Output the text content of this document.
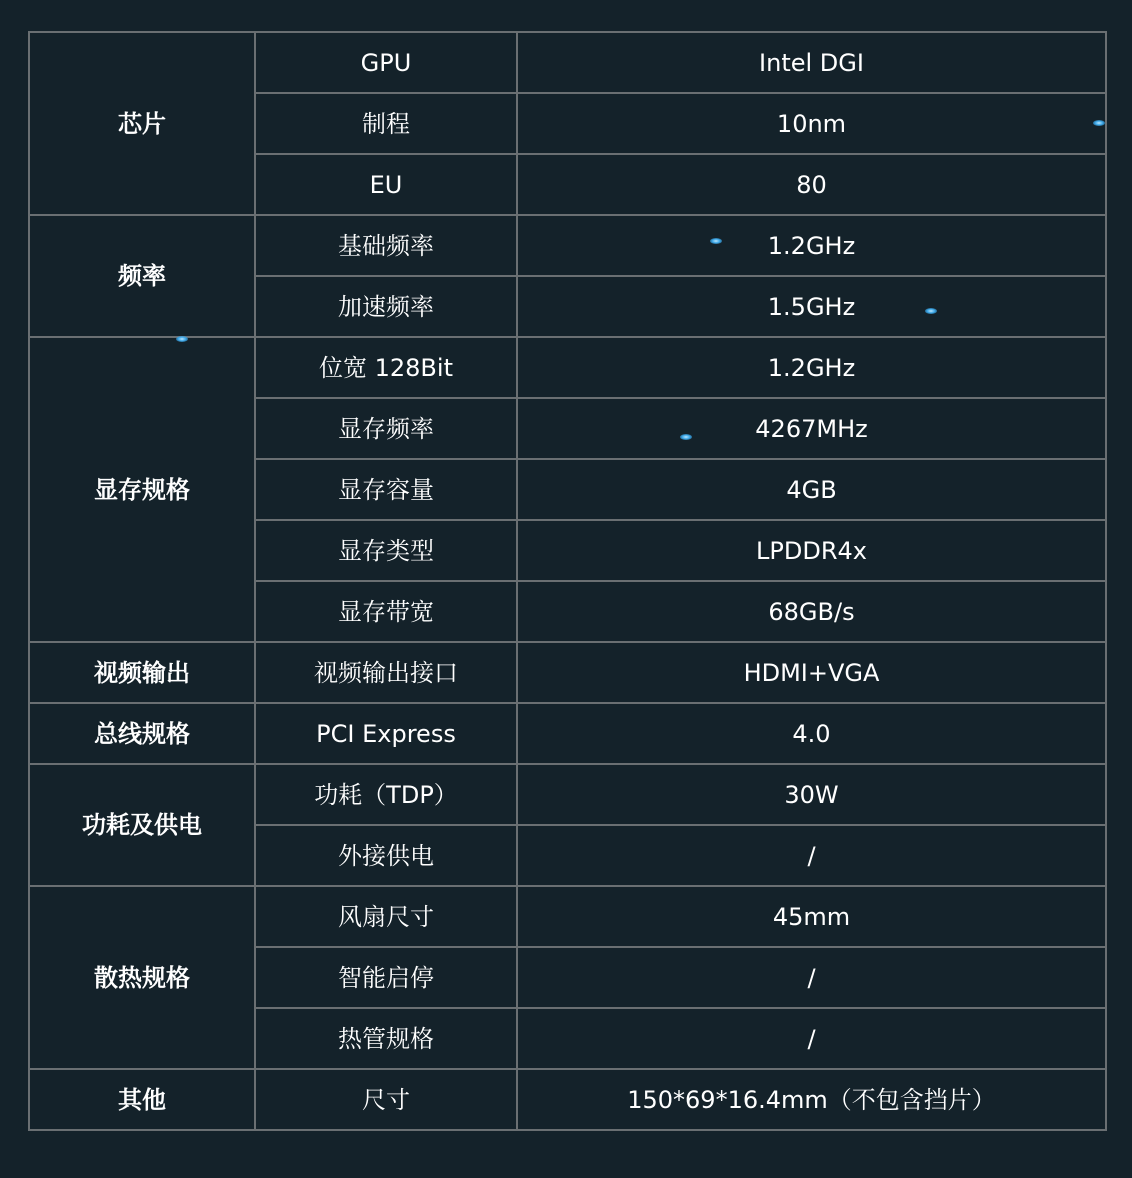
芯片	GPU	Intel DGI
	制程	10nm
	EU	80
频率	基础频率	1.2GHz
	加速频率	1.5GHz
显存规格	位宽 128Bit	1.2GHz
	显存频率	4267MHz
	显存容量	4GB
	显存类型	LPDDR4x
	显存带宽	68GB/s
视频输出	视频输出接口	HDMI+VGA
总线规格	PCI Express	4.0
功耗及供电	功耗（TDP）	30W
	外接供电	/
散热规格	风扇尺寸	45mm
	智能启停	/
	热管规格	/
其他	尺寸	150*69*16.4mm（不包含挡片）
